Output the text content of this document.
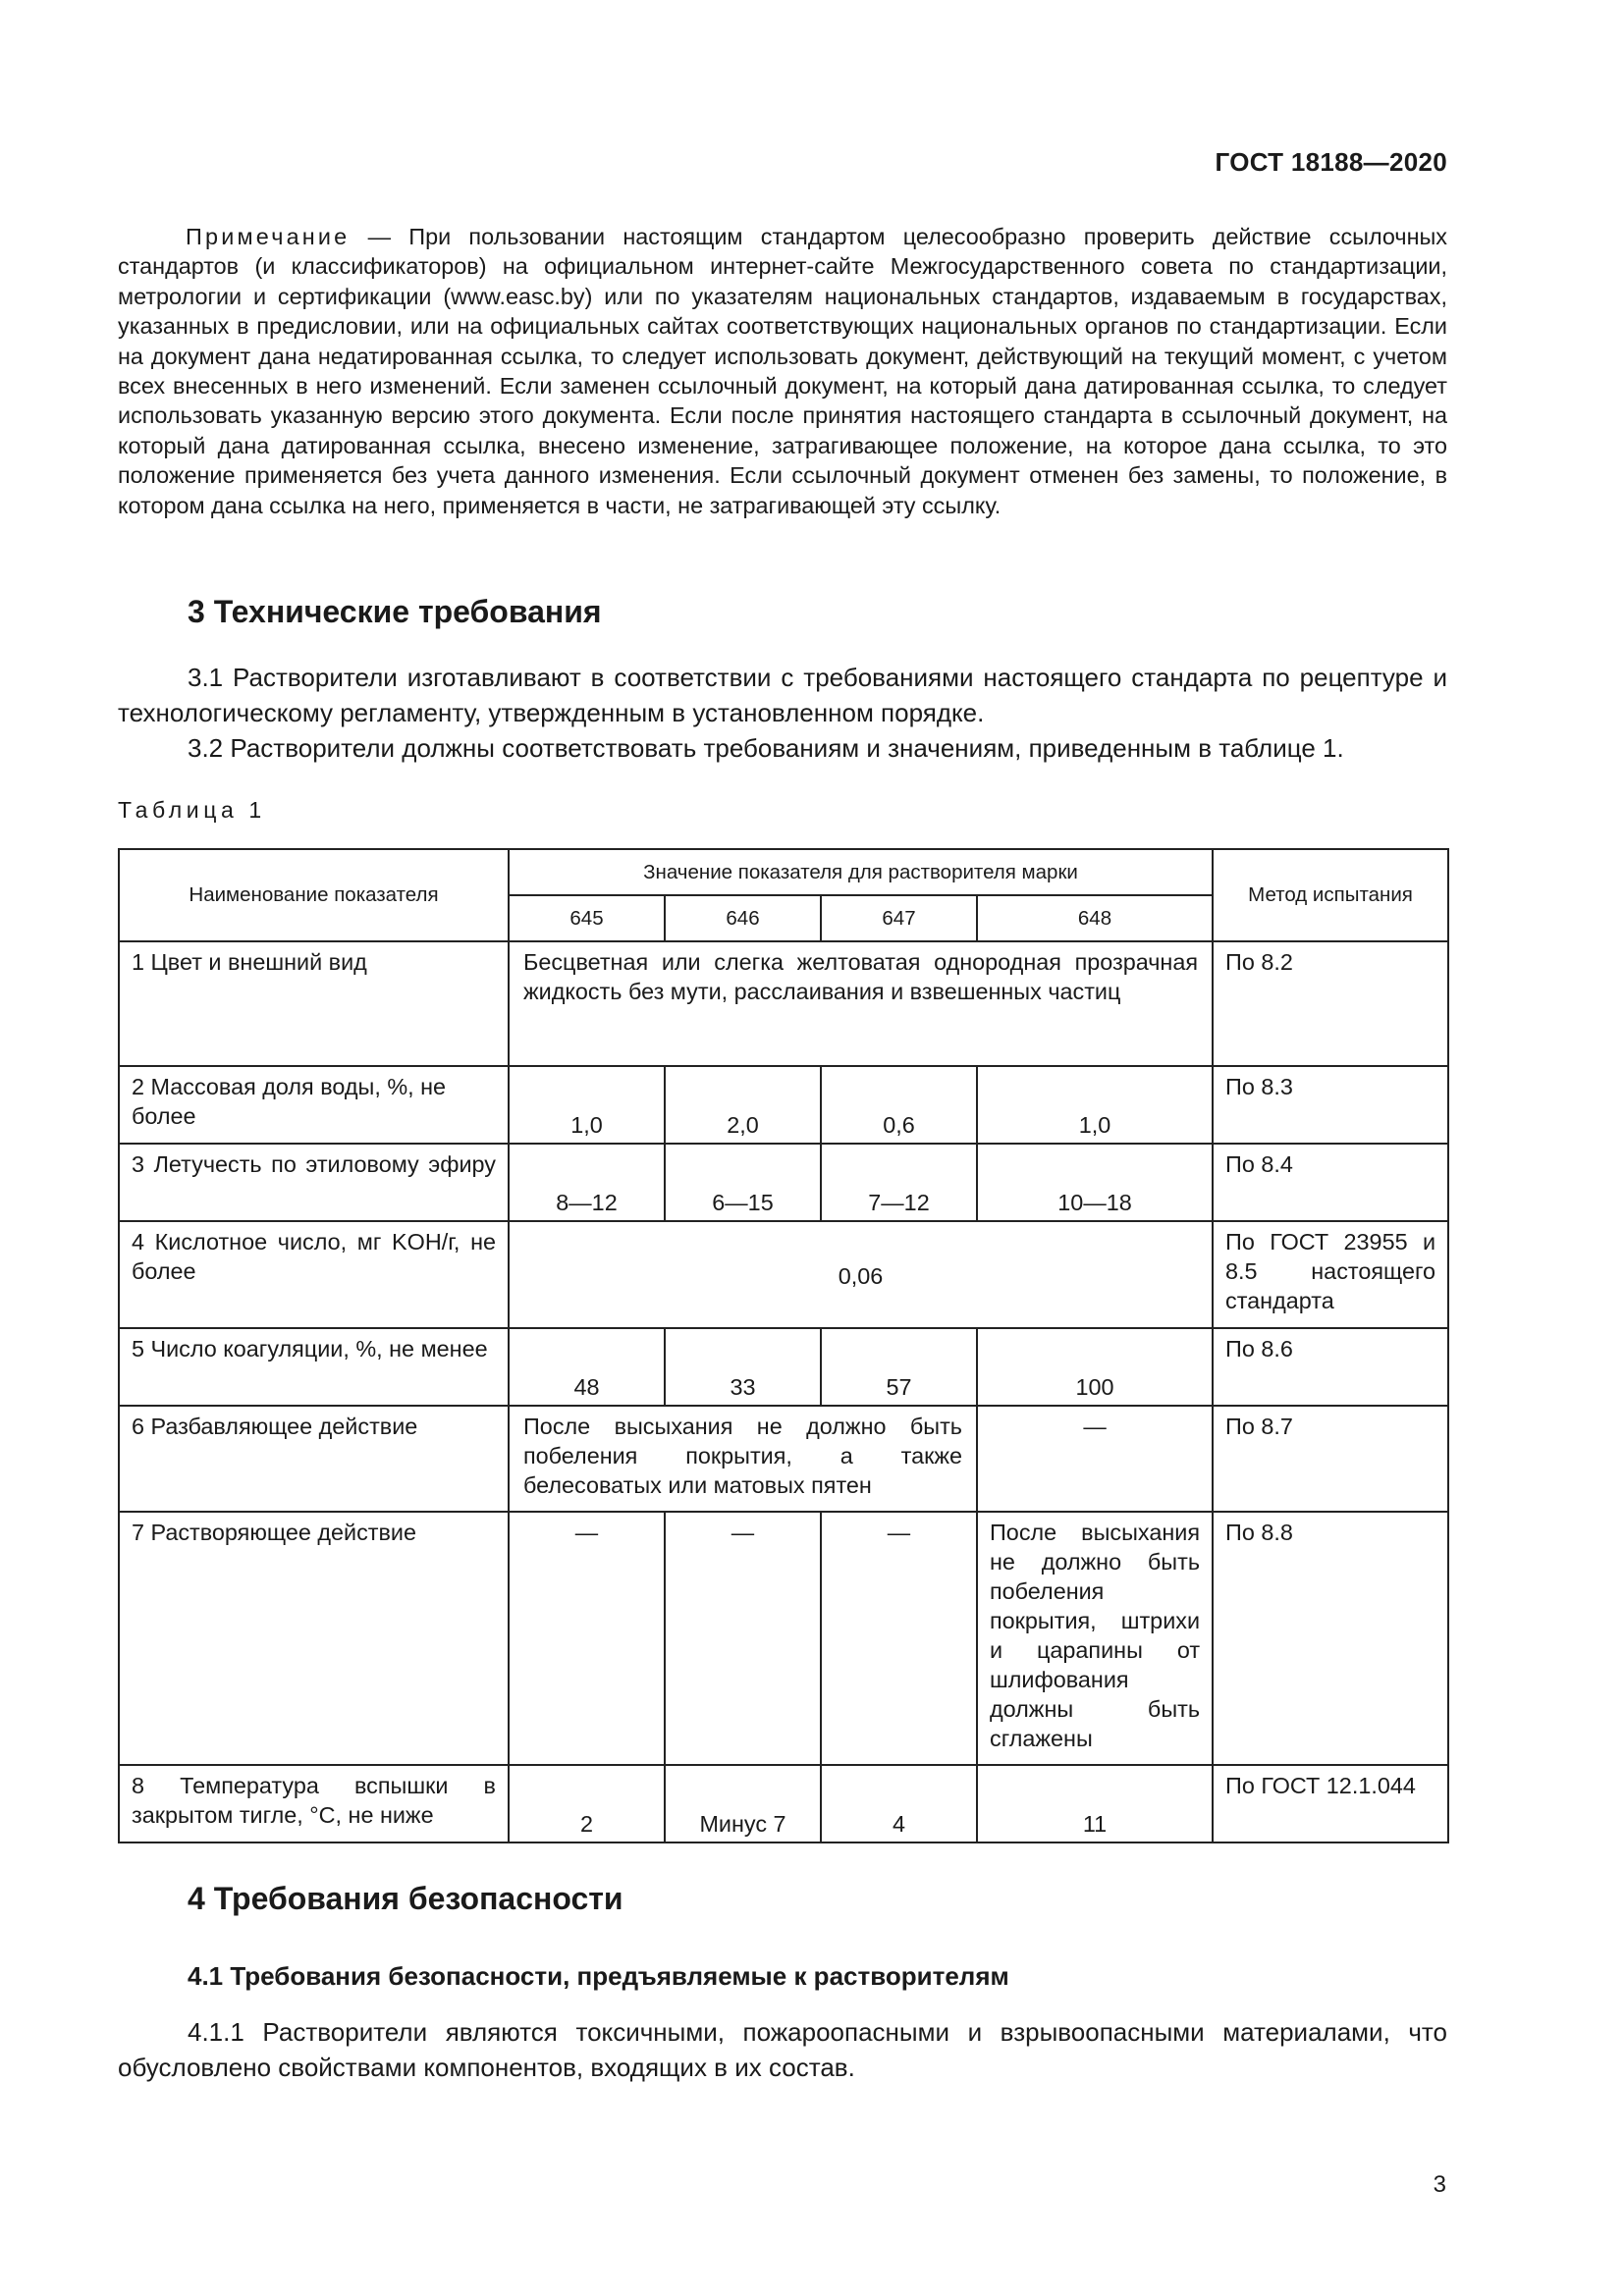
ГОСТ 18188—2020
Примечание — При пользовании настоящим стандартом целесообразно проверить действие ссылочных стандартов (и классификаторов) на официальном интернет-сайте Межгосударственного совета по стандартизации, метрологии и сертификации (www.easc.by) или по указателям национальных стандартов, издаваемым в государствах, указанных в предисловии, или на официальных сайтах соответствующих национальных органов по стандартизации. Если на документ дана недатированная ссылка, то следует использовать документ, действующий на текущий момент, с учетом всех внесенных в него изменений. Если заменен ссылочный документ, на который дана датированная ссылка, то следует использовать указанную версию этого документа. Если после принятия настоящего стандарта в ссылочный документ, на который дана датированная ссылка, внесено изменение, затрагивающее положение, на которое дана ссылка, то это положение применяется без учета данного изменения. Если ссылочный документ отменен без замены, то положение, в котором дана ссылка на него, применяется в части, не затрагивающей эту ссылку.
3 Технические требования
3.1 Растворители изготавливают в соответствии с требованиями настоящего стандарта по рецептуре и технологическому регламенту, утвержденным в установленном порядке.
3.2 Растворители должны соответствовать требованиям и значениям, приведенным в таблице 1.
Таблица 1
Наименование показателя	Значение показателя для растворителя марки				Метод испытания
	645	646	647	648	
1 Цвет и внешний вид	Бесцветная или слегка желтоватая однородная прозрачная жидкость без мути, расслаивания и взвешенных частиц				По 8.2
2 Массовая доля воды, %, не более	1,0	2,0	0,6	1,0	По 8.3
3 Летучесть по этиловому эфиру	8—12	6—15	7—12	10—18	По 8.4
4 Кислотное число, мг KOH/г, не более	0,06				По ГОСТ 23955 и 8.5 настоящего стандарта
5 Число коагуляции, %, не менее	48	33	57	100	По 8.6
6 Разбавляющее действие	После высыхания не должно быть побеления покрытия, а также белесоватых или матовых пятен			—	По 8.7
7 Растворяющее действие	—	—	—	После высыхания не должно быть побеления покрытия, штрихи и царапины от шлифования должны быть сглажены	По 8.8
8 Температура вспышки в закрытом тигле, °С, не ниже	2	Минус 7	4	11	По ГОСТ 12.1.044
4 Требования безопасности
4.1 Требования безопасности, предъявляемые к растворителям
4.1.1 Растворители являются токсичными, пожароопасными и взрывоопасными материалами, что обусловлено свойствами компонентов, входящих в их состав.
3
